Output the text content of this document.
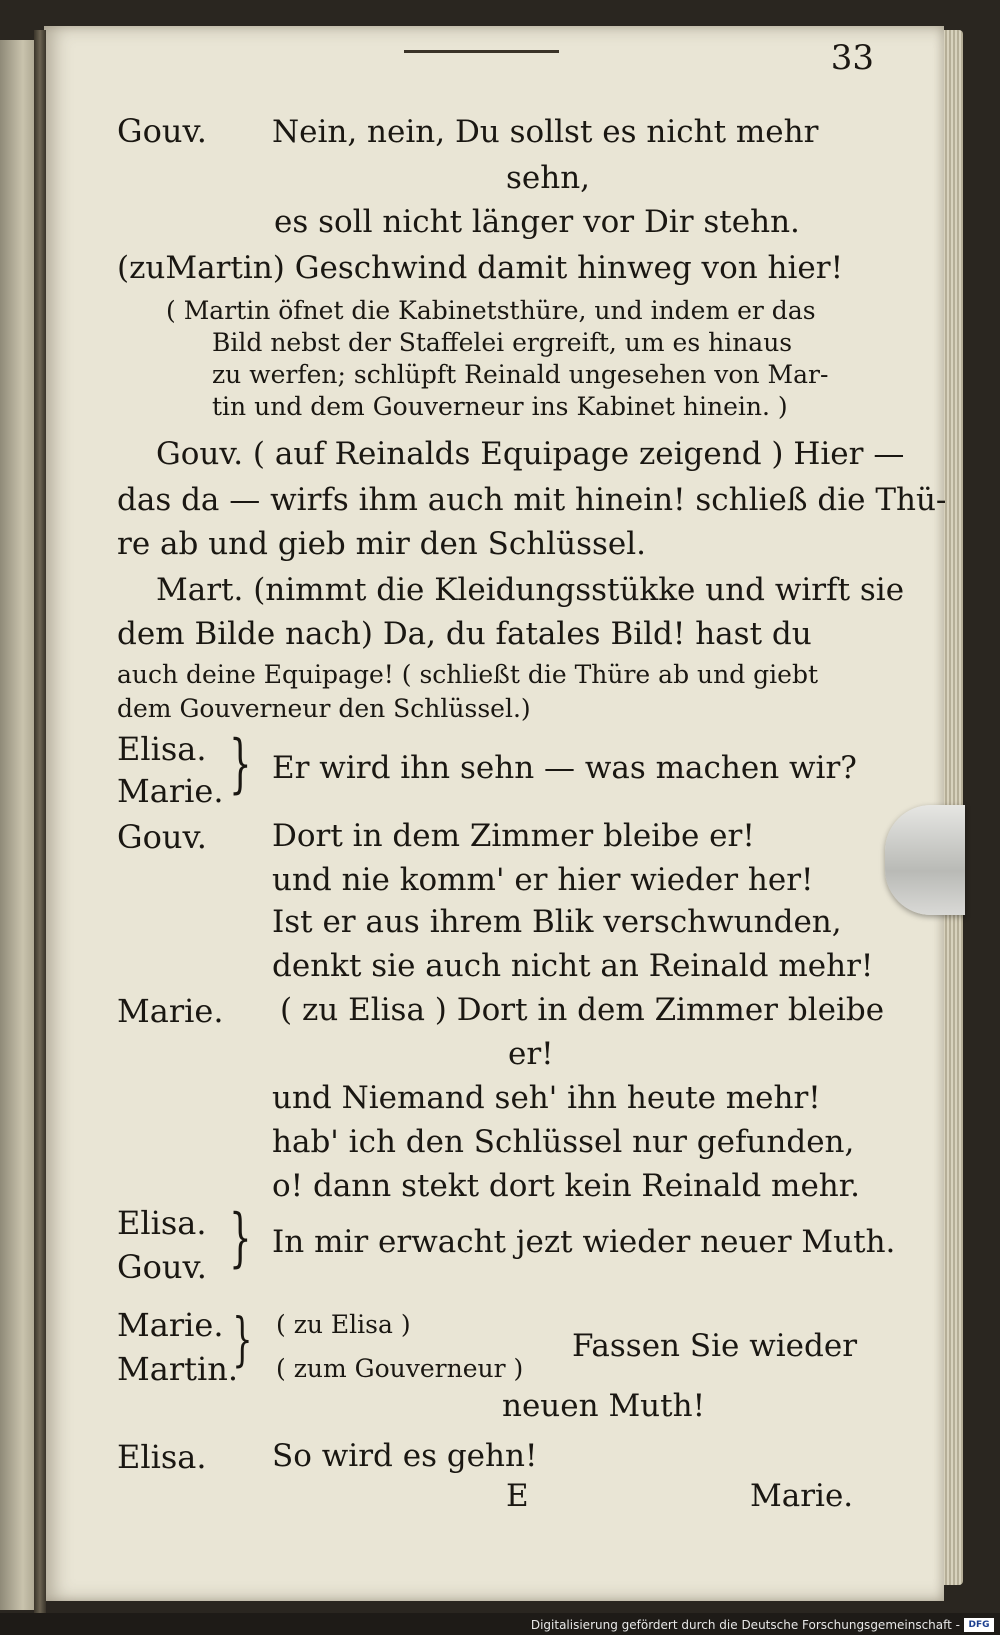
33
Gouv. Nein, nein, Du sollst es nicht mehr
sehn,
es soll nicht länger vor Dir stehn.
(zuMartin) Geschwind damit hinweg von hier!
( Martin öfnet die Kabinetsthüre, und indem er das
Bild nebst der Staffelei ergreift, um es hinaus
zu werfen; schlüpft Reinald ungesehen von Mar-
tin und dem Gouverneur ins Kabinet hinein. )
Gouv. ( auf Reinalds Equipage zeigend ) Hier —
das da — wirfs ihm auch mit hinein! schließ die Thü-
re ab und gieb mir den Schlüssel.
Mart. (nimmt die Kleidungsstükke und wirft sie
dem Bilde nach) Da, du fatales Bild! hast du
auch deine Equipage! ( schließt die Thüre ab und giebt
dem Gouverneur den Schlüssel.)
Elisa.
Marie. } Er wird ihn sehn — was machen wir?
Gouv. Dort in dem Zimmer bleibe er!
und nie komm' er hier wieder her!
Ist er aus ihrem Blik verschwunden,
denkt sie auch nicht an Reinald mehr!
Marie. ( zu Elisa ) Dort in dem Zimmer bleibe
er!
und Niemand seh' ihn heute mehr!
hab' ich den Schlüssel nur gefunden,
o! dann stekt dort kein Reinald mehr.
Elisa.
Gouv. } In mir erwacht jezt wieder neuer Muth.
Marie.
Martin.
} ( zu Elisa )
( zum Gouverneur )
Fassen Sie wieder
neuen Muth!
Elisa. So wird es gehn!
E	Marie.
Digitalisierung gefördert durch die Deutsche Forschungsgemeinschaft - DFG
